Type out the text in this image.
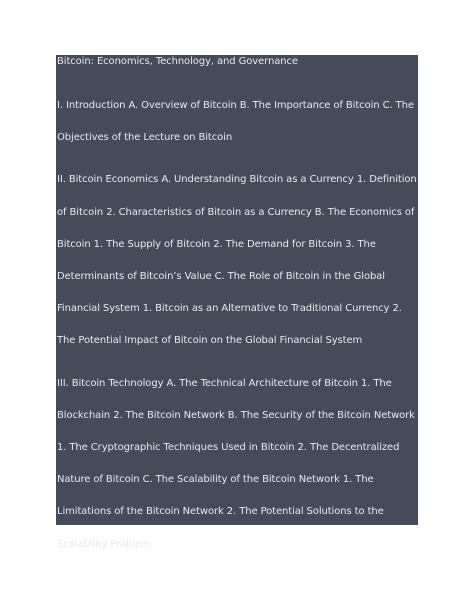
Bitcoin: Economics, Technology, and Governance

I. Introduction A. Overview of Bitcoin B. The Importance of Bitcoin C. The Objectives of the Lecture on Bitcoin

II. Bitcoin Economics A. Understanding Bitcoin as a Currency 1. Definition of Bitcoin 2. Characteristics of Bitcoin as a Currency B. The Economics of Bitcoin 1. The Supply of Bitcoin 2. The Demand for Bitcoin 3. The Determinants of Bitcoin’s Value C. The Role of Bitcoin in the Global Financial System 1. Bitcoin as an Alternative to Traditional Currency 2. The Potential Impact of Bitcoin on the Global Financial System

III. Bitcoin Technology A. The Technical Architecture of Bitcoin 1. The Blockchain 2. The Bitcoin Network B. The Security of the Bitcoin Network 1. The Cryptographic Techniques Used in Bitcoin 2. The Decentralized Nature of Bitcoin C. The Scalability of the Bitcoin Network 1. The Limitations of the Bitcoin Network 2. The Potential Solutions to the Scalability Problem
